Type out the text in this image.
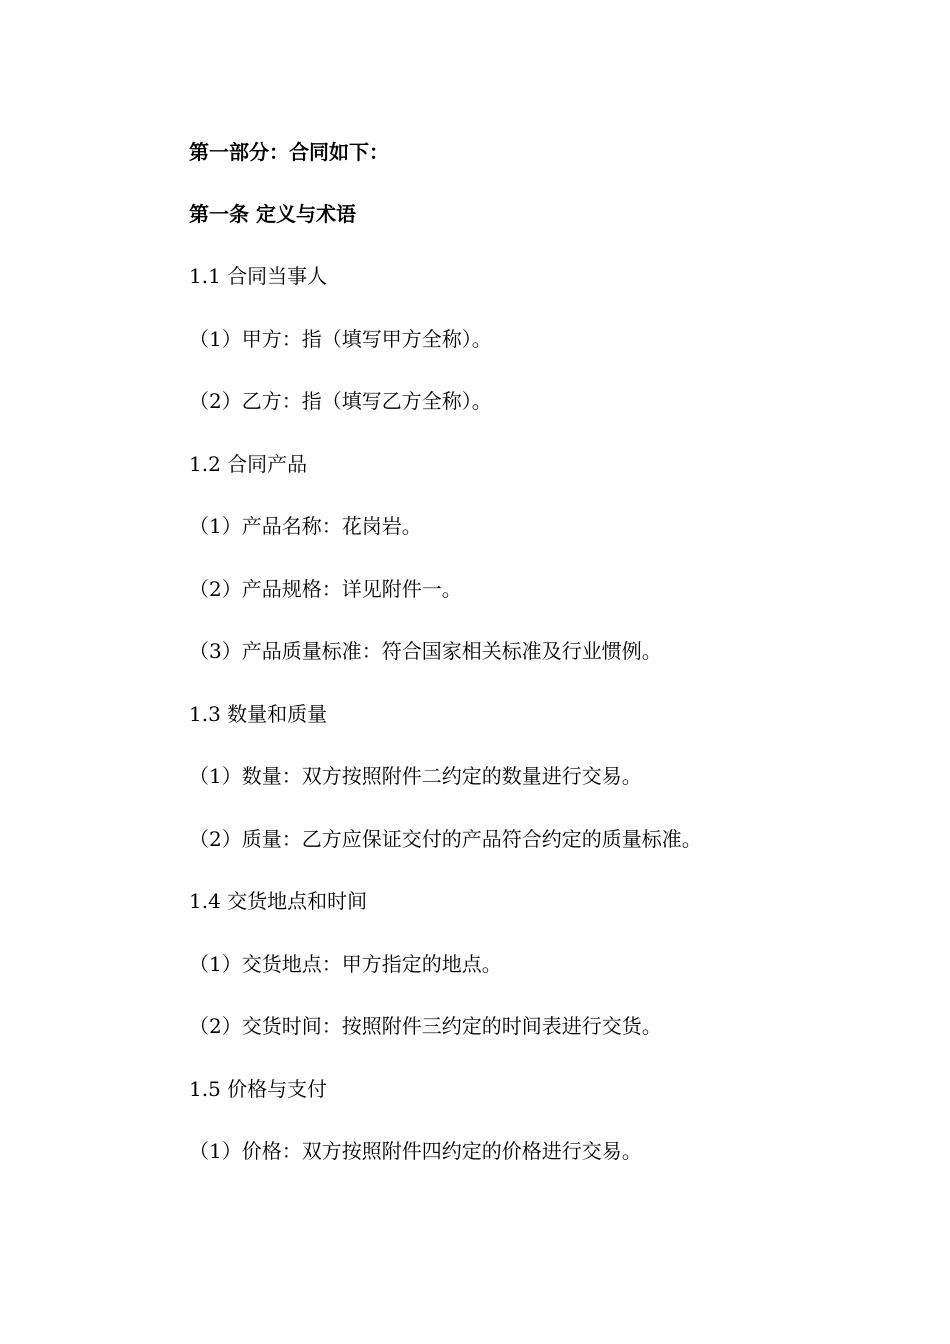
第一部分：合同如下：
第一条 定义与术语
1.1 合同当事人
（1）甲方：指（填写甲方全称）。
（2）乙方：指（填写乙方全称）。
1.2 合同产品
（1）产品名称：花岗岩。
（2）产品规格：详见附件一。
（3）产品质量标准：符合国家相关标准及行业惯例。
1.3 数量和质量
（1）数量：双方按照附件二约定的数量进行交易。
（2）质量：乙方应保证交付的产品符合约定的质量标准。
1.4 交货地点和时间
（1）交货地点：甲方指定的地点。
（2）交货时间：按照附件三约定的时间表进行交货。
1.5 价格与支付
（1）价格：双方按照附件四约定的价格进行交易。
